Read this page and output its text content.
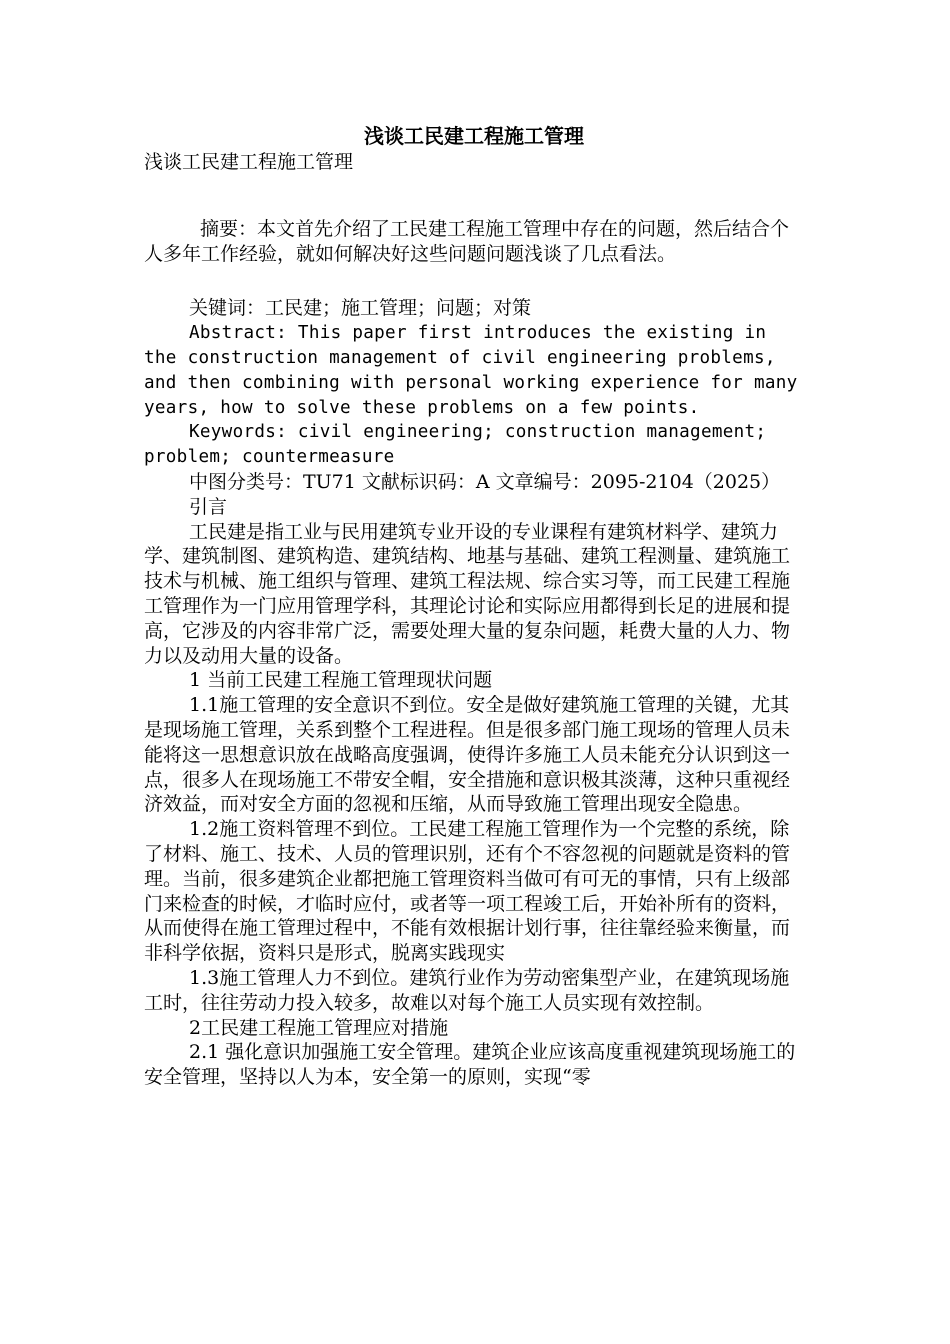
浅谈工民建工程施工管理

浅谈工民建工程施工管理

摘要：本文首先介绍了工民建工程施工管理中存在的问题，然后结合个人多年工作经验，就如何解决好这些问题问题浅谈了几点看法。

关键词：工民建；施工管理；问题；对策

Abstract: This paper first introduces the existing in the construction management of civil engineering problems, and then combining with personal working experience for many years, how to solve these problems on a few points.

Keywords: civil engineering; construction management; problem; countermeasure

中图分类号：TU71 文献标识码：A 文章编号：2095-2104（2025）

引言

工民建是指工业与民用建筑专业开设的专业课程有建筑材料学、建筑力学、建筑制图、建筑构造、建筑结构、地基与基础、建筑工程测量、建筑施工技术与机械、施工组织与管理、建筑工程法规、综合实习等，而工民建工程施工管理作为一门应用管理学科，其理论讨论和实际应用都得到长足的进展和提高，它涉及的内容非常广泛，需要处理大量的复杂问题，耗费大量的人力、物力以及动用大量的设备。

1 当前工民建工程施工管理现状问题

1.1施工管理的安全意识不到位。安全是做好建筑施工管理的关键，尤其是现场施工管理，关系到整个工程进程。但是很多部门施工现场的管理人员未能将这一思想意识放在战略高度强调，使得许多施工人员未能充分认识到这一点，很多人在现场施工不带安全帽，安全措施和意识极其淡薄，这种只重视经济效益，而对安全方面的忽视和压缩，从而导致施工管理出现安全隐患。

1.2施工资料管理不到位。工民建工程施工管理作为一个完整的系统，除了材料、施工、技术、人员的管理识别，还有个不容忽视的问题就是资料的管理。当前，很多建筑企业都把施工管理资料当做可有可无的事情，只有上级部门来检查的时候，才临时应付，或者等一项工程竣工后，开始补所有的资料，从而使得在施工管理过程中，不能有效根据计划行事，往往靠经验来衡量，而非科学依据，资料只是形式，脱离实践现实

1.3施工管理人力不到位。建筑行业作为劳动密集型产业，在建筑现场施工时，往往劳动力投入较多，故难以对每个施工人员实现有效控制。

2工民建工程施工管理应对措施

2.1 强化意识加强施工安全管理。建筑企业应该高度重视建筑现场施工的安全管理，坚持以人为本，安全第一的原则，实现“零
